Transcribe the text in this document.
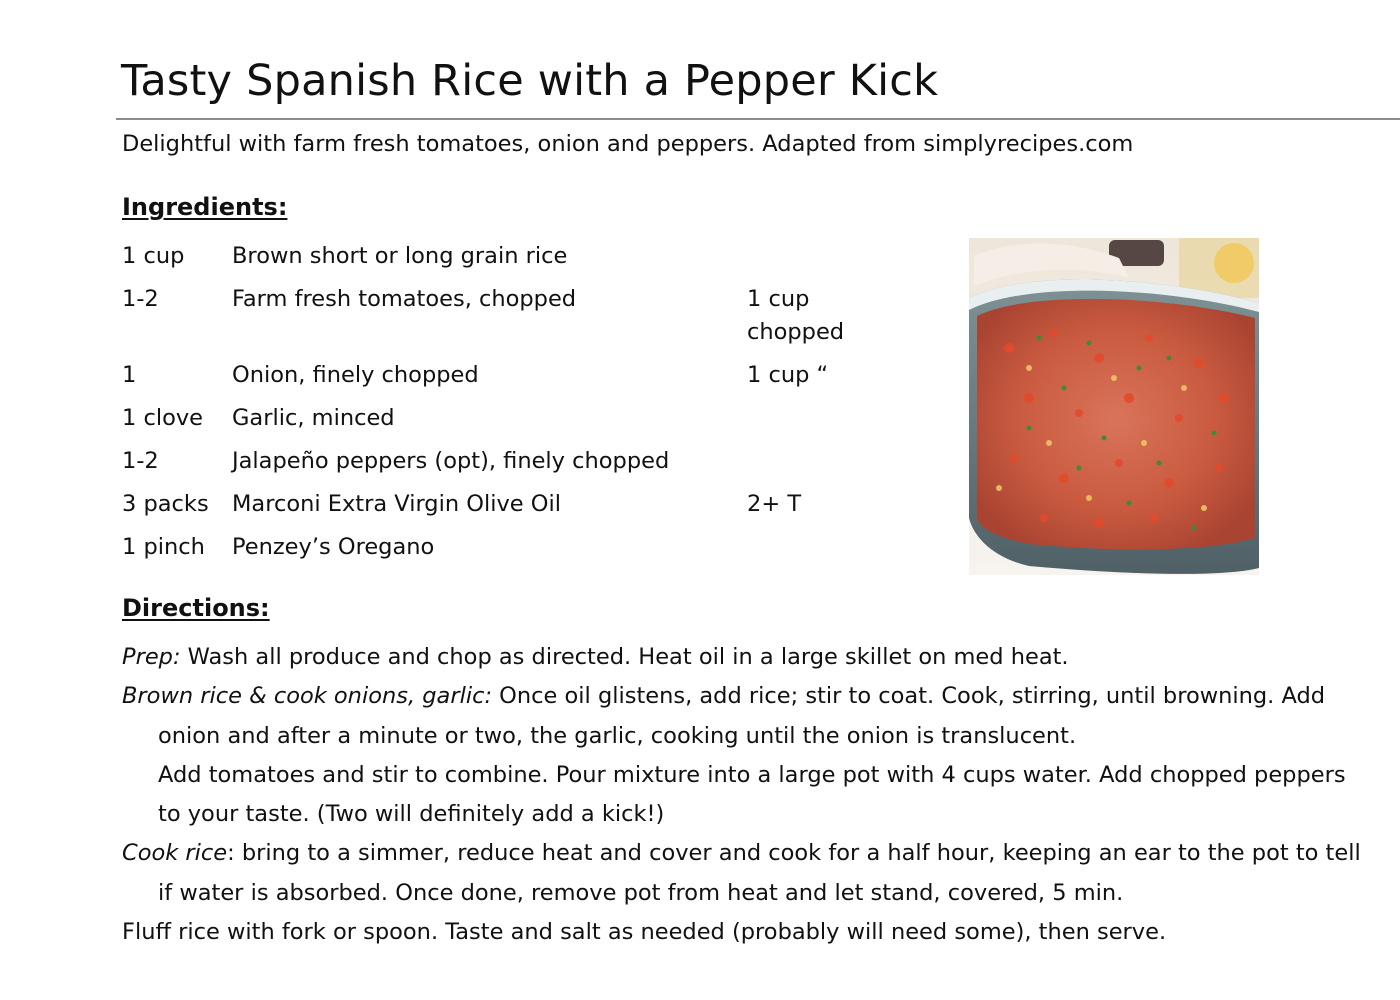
Tasty Spanish Rice with a Pepper Kick
Delightful with farm fresh tomatoes, onion and peppers. Adapted from simplyrecipes.com
Ingredients:
1 cup	Brown short or long grain rice
1-2	Farm fresh tomatoes, chopped	1 cup chopped
1	Onion, finely chopped	1 cup “
1 clove	Garlic, minced
1-2	Jalapeño peppers (opt), finely chopped
3 packs	Marconi Extra Virgin Olive Oil	2+ T
1 pinch	Penzey’s Oregano
Directions:
Prep: Wash all produce and chop as directed. Heat oil in a large skillet on med heat.
Brown rice & cook onions, garlic: Once oil glistens, add rice; stir to coat. Cook, stirring, until browning. Add onion and after a minute or two, the garlic, cooking until the onion is translucent.
Add tomatoes and stir to combine. Pour mixture into a large pot with 4 cups water. Add chopped peppers to your taste. (Two will definitely add a kick!)
Cook rice: bring to a simmer, reduce heat and cover and cook for a half hour, keeping an ear to the pot to tell if water is absorbed. Once done, remove pot from heat and let stand, covered, 5 min.
Fluff rice with fork or spoon. Taste and salt as needed (probably will need some), then serve.
